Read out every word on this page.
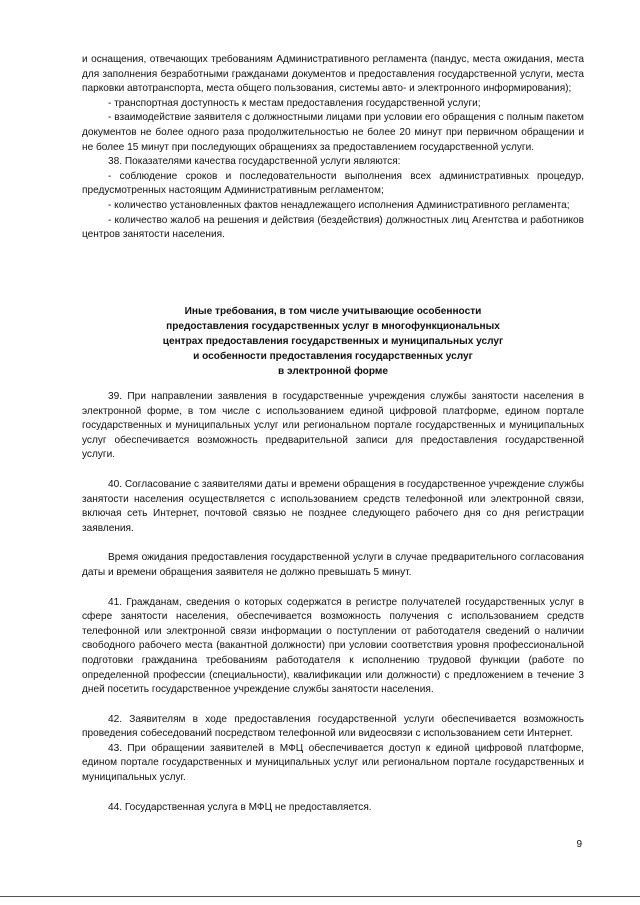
и оснащения, отвечающих требованиям Административного регламента (пандус, места ожидания, места для заполнения безработными гражданами документов и предоставления государственной услуги, места парковки автотранспорта, места общего пользования, системы авто- и электронного информирования);

- транспортная доступность к местам предоставления государственной услуги;

- взаимодействие заявителя с должностными лицами при условии его обращения с полным пакетом документов не более одного раза продолжительностью не более 20 минут при первичном обращении и не более 15 минут при последующих обращениях за предоставлением государственной услуги.

38. Показателями качества государственной услуги являются:

- соблюдение сроков и последовательности выполнения всех административных процедур, предусмотренных настоящим Административным регламентом;

- количество установленных фактов ненадлежащего исполнения Административного регламента;

- количество жалоб на решения и действия (бездействия) должностных лиц Агентства и работников центров занятости населения.

Иные требования, в том числе учитывающие особенности
предоставления государственных услуг в многофункциональных
центрах предоставления государственных и муниципальных услуг
и особенности предоставления государственных услуг
в электронной форме

39. При направлении заявления в государственные учреждения службы занятости населения в электронной форме, в том числе с использованием единой цифровой платформе, едином портале государственных и муниципальных услуг или региональном портале государственных и муниципальных услуг обеспечивается возможность предварительной записи для предоставления государственной услуги.

40. Согласование с заявителями даты и времени обращения в государственное учреждение службы занятости населения осуществляется с использованием средств телефонной или электронной связи, включая сеть Интернет, почтовой связью не позднее следующего рабочего дня со дня регистрации заявления.

Время ожидания предоставления государственной услуги в случае предварительного согласования даты и времени обращения заявителя не должно превышать 5 минут.

41. Гражданам, сведения о которых содержатся в регистре получателей государственных услуг в сфере занятости населения, обеспечивается возможность получения с использованием средств телефонной или электронной связи информации о поступлении от работодателя сведений о наличии свободного рабочего места (вакантной должности) при условии соответствия уровня профессиональной подготовки гражданина требованиям работодателя к исполнению трудовой функции (работе по определенной профессии (специальности), квалификации или должности) с предложением в течение 3 дней посетить государственное учреждение службы занятости населения.

42. Заявителям в ходе предоставления государственной услуги обеспечивается возможность проведения собеседований посредством телефонной или видеосвязи с использованием сети Интернет.

43. При обращении заявителей в МФЦ обеспечивается доступ к единой цифровой платформе, едином портале государственных и муниципальных услуг или региональном портале государственных и муниципальных услуг.

44. Государственная услуга в МФЦ не предоставляется.

9
